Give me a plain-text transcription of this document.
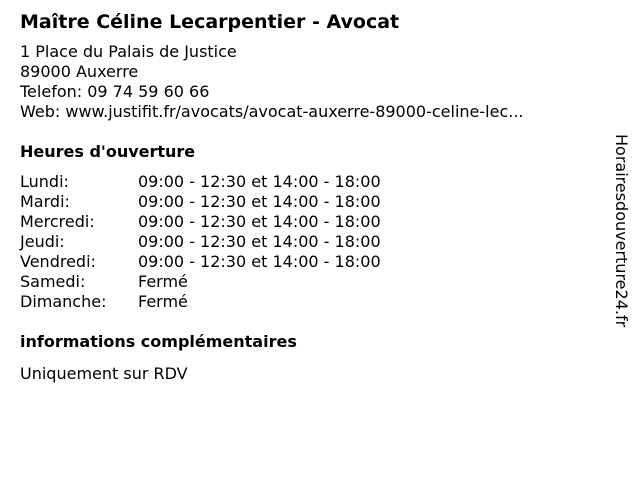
Maître Céline Lecarpentier - Avocat
1 Place du Palais de Justice
89000 Auxerre
Telefon: 09 74 59 60 66
Web: www.justifit.fr/avocats/avocat-auxerre-89000-celine-lec...
Heures d'ouverture
Lundi:	09:00 - 12:30 et 14:00 - 18:00
Mardi:	09:00 - 12:30 et 14:00 - 18:00
Mercredi:	09:00 - 12:30 et 14:00 - 18:00
Jeudi:	09:00 - 12:30 et 14:00 - 18:00
Vendredi:	09:00 - 12:30 et 14:00 - 18:00
Samedi:	Fermé
Dimanche:	Fermé
informations complémentaires
Uniquement sur RDV
Horairesdouverture24.fr
